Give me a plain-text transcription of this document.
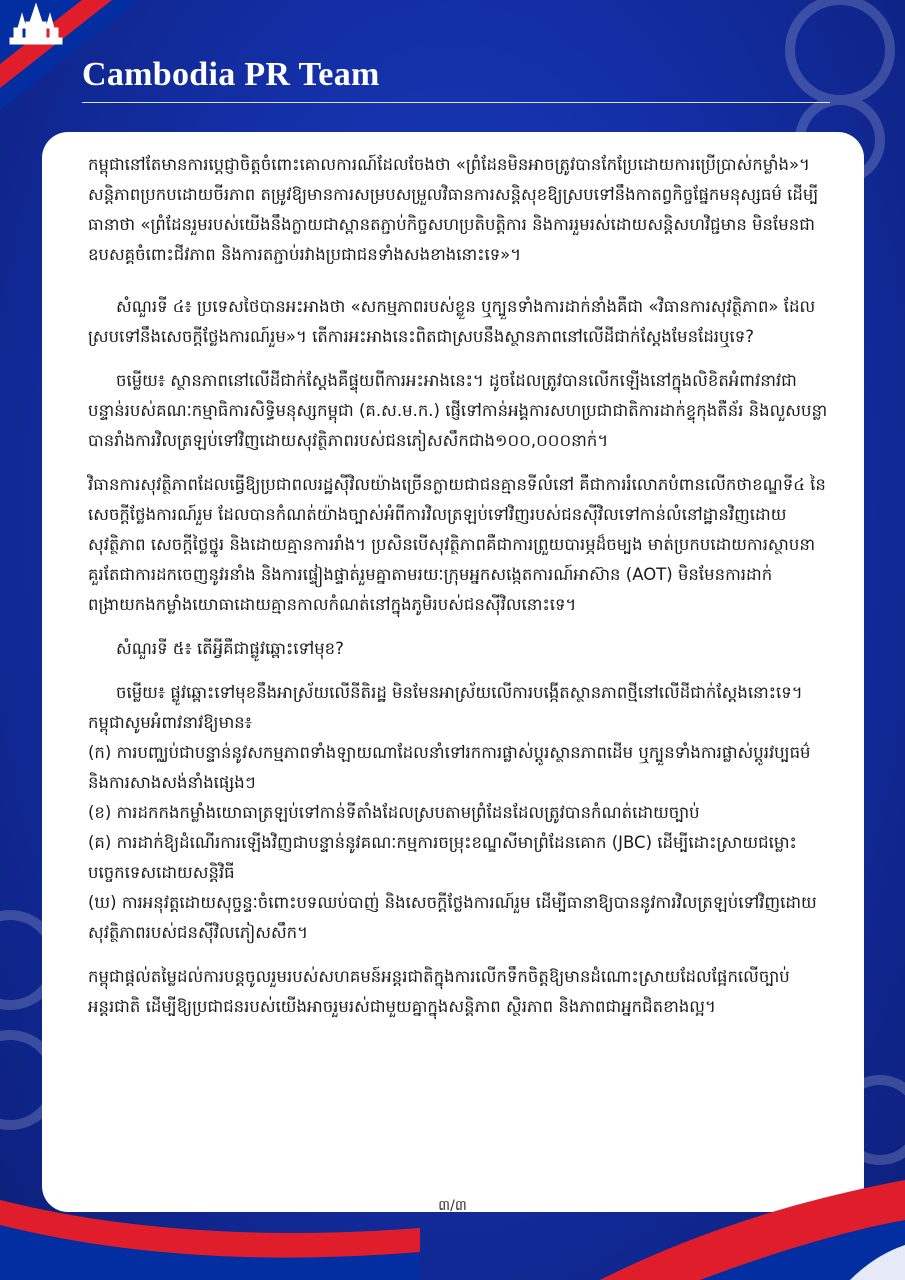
Cambodia PR Team

កម្ពុជានៅតែមានការប្តេជ្ញាចិត្តចំពោះគោលការណ៍ដែលចែងថា «ព្រំដែនមិនអាចត្រូវបានកែប្រែដោយការប្រើប្រាស់កម្លាំង»។ សន្តិភាពប្រកបដោយចីរភាព តម្រូវឱ្យមានការសម្របសម្រួលវិធានការសន្តិសុខឱ្យស្របទៅនឹងកាតព្វកិច្ចផ្នែកមនុស្សធម៌ ដើម្បីធានាថា «ព្រំដែនរួមរបស់យើងនឹងក្លាយជាស្ពានតភ្ជាប់កិច្ចសហប្រតិបត្តិការ និងការរួមរស់ដោយសន្តិសហវិជ្ជមាន មិនមែនជាឧបសគ្គចំពោះជីវភាព និងការតភ្ជាប់រវាងប្រជាជនទាំងសងខាងនោះទេ»។

សំណួរទី ៤៖ ប្រទេសថៃបានអះអាងថា «សកម្មភាពរបស់ខ្លួន ឬក្បួនទាំងការដាក់នាំងគឺជា «វិធានការសុវត្ថិភាព» ដែលស្របទៅនឹងសេចក្តីថ្លែងការណ៍រួម»។ តើការអះអាងនេះពិតជាស្របនឹងស្ថានភាពនៅលើដីជាក់ស្តែងមែនដែរឬទេ?

ចម្លើយ៖ ស្ថានភាពនៅលើដីជាក់ស្តែងគឺផ្ទុយពីការអះអាងនេះ។ ដូចដែលត្រូវបានលើកឡើងនៅក្នុងលិខិតអំពាវនាវជាបន្ទាន់របស់គណៈកម្មាធិការសិទ្ធិមនុស្សកម្ពុជា (គ.ស.ម.ក.) ផ្ញើទៅកាន់អង្គការសហប្រជាជាតិការដាក់ខ្ទុកុងតឺន័រ និងលួសបន្លា បានរាំងការវិលត្រឡប់ទៅវិញដោយសុវត្ថិភាពរបស់ជនភៀសសឹកជាង១០០,០០០នាក់។

វិធានការសុវត្ថិភាពដែលធ្វើឱ្យប្រជាពលរដ្ឋស៊ីវិលយ៉ាងច្រើនក្លាយជាជនគ្មានទីលំនៅ គឺជាការរំលោភបំពានលើកថាខណ្ឌទី៤ នៃសេចក្តីថ្លែងការណ៍រួម ដែលបានកំណត់យ៉ាងច្បាស់អំពីការវិលត្រឡប់ទៅវិញរបស់ជនស៊ីវិលទៅកាន់លំនៅដ្ឋានវិញដោយសុវត្ថិភាព សេចក្តីថ្លៃថ្នូរ និងដោយគ្មានការរាំង។ ប្រសិនបើសុវត្ថិភាពគឺជាការព្រួយបារម្ភដ៏ចម្បង មាត់ប្រកបដោយការស្ថាបនាគួរតែជាការដកចេញនូវរនាំង និងការផ្ទៀងផ្ទាត់រួមគ្នាតាមរយៈក្រុមអ្នកសង្កេតការណ៍អាស៊ាន (AOT) មិនមែនការដាក់ពង្រាយកងកម្លាំងយោធាដោយគ្មានកាលកំណត់នៅក្នុងភូមិរបស់ជនស៊ីវិលនោះទេ។

សំណួរទី ៥៖ តើអ្វីគឺជាផ្លូវឆ្ពោះទៅមុខ?

ចម្លើយ៖ ផ្លូវឆ្ពោះទៅមុខនឹងអាស្រ័យលើនីតិរដ្ឋ មិនមែនអាស្រ័យលើការបង្កើតស្ថានភាពថ្មីនៅលើដីជាក់ស្តែងនោះទេ។ កម្ពុជាសូមអំពាវនាវឱ្យមាន៖

(ក) ការបញ្ឈប់ជាបន្ទាន់នូវសកម្មភាពទាំងឡាយណាដែលនាំទៅរកការផ្លាស់ប្តូរស្ថានភាពដើម ឬក្បួនទាំងការផ្លាស់ប្តូរវប្បធម៌ និងការសាងសង់នាំងផ្សេងៗ

(ខ) ការដកកងកម្លាំងយោធាត្រឡប់ទៅកាន់ទីតាំងដែលស្របតាមព្រំដែនដែលត្រូវបានកំណត់ដោយច្បាប់

(គ) ការដាក់ឱ្យដំណើរការឡើងវិញជាបន្ទាន់នូវគណៈកម្មការចម្រុះខណ្ឌសីមាព្រំដែនគោក (JBC) ដើម្បីដោះស្រាយជម្លោះបច្ចេកទេសដោយសន្តិវិធី

(ឃ) ការអនុវត្តដោយសុច្ចន្ទៈចំពោះបទឈប់បាញ់ និងសេចក្តីថ្លែងការណ៍រួម ដើម្បីធានាឱ្យបាននូវការវិលត្រឡប់ទៅវិញដោយសុវត្ថិភាពរបស់ជនស៊ីវិលភៀសសឹក។

កម្ពុជាផ្តល់តម្លៃដល់ការបន្តចូលរួមរបស់សហគមន៍អន្តរជាតិក្នុងការលើកទឹកចិត្តឱ្យមានដំណោះស្រាយដែលផ្អែកលើច្បាប់អន្តរជាតិ ដើម្បីឱ្យប្រជាជនរបស់យើងអាចរួមរស់ជាមួយគ្នាក្នុងសន្តិភាព ស្ថិរភាព និងភាពជាអ្នកជិតខាងល្អ។

៣/៣
